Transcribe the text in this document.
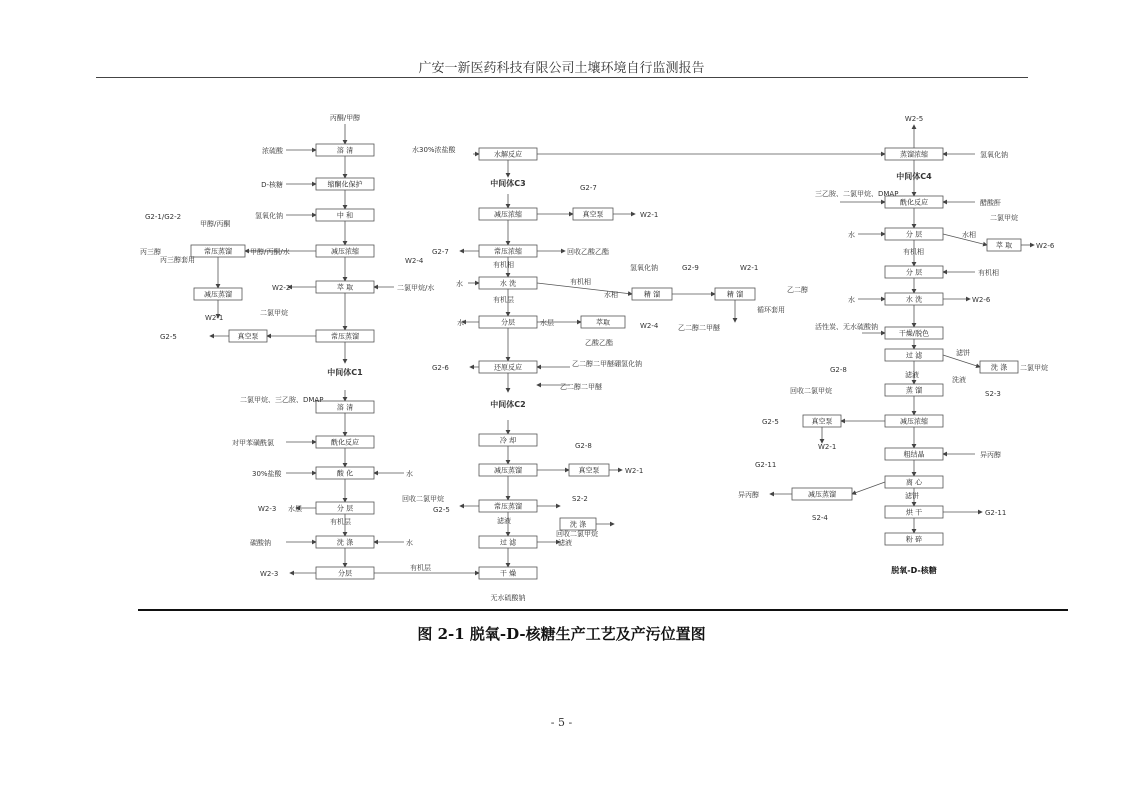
广安一新医药科技有限公司土壤环境自行监测报告
溶 清
缩酮化保护
中 和
减压浓缩
萃 取
常压蒸馏
常压蒸馏
减压蒸馏
真空泵
溶 清
酰化反应
酸 化
分 层
洗 涤
分层
水解反应
减压浓缩	真空泵
常压浓缩
水 洗
分层	萃取
精 馏	精 馏
还原反应
冷 却
减压蒸馏	真空泵
常压蒸馏
洗 涤
过 滤
干 燥
蒸馏浓缩
酰化反应
分 层
萃 取
分 层
水 洗
干燥/脱色
过 滤
洗 涤
蒸 馏
真空泵	减压浓缩
粗结晶
离 心
减压蒸馏
烘 干
粉 碎
丙酮/甲醇
浓硫酸
D-核糖
氢氧化钠
G2-1/G2-2
甲醇/丙酮
甲醇/丙酮/水
丙三醇
丙三醇套用
W2-2	二氯甲烷/水
W2-1
二氯甲烷
G2-5
中间体C1
二氯甲烷、三乙胺、DMAP
对甲苯磺酰氯
30%盐酸	水
W2-3 水层
有机层
碳酸钠	水
W2-3
有机层
水30%浓盐酸
中间体C3	G2-7
W2-1
G2-7	回收乙酸乙酯
W2-4	有机相
水	有机相
有机层
氢氧化钠	G2-9	W2-1
水相
水	水层
乙酸乙酯
W2-4	乙二醇二甲醚
乙二醇
循环套用
G2-6	乙二醇二甲醚硼氢化钠
乙二醇二甲醚
中间体C2
G2-8
W2-1
回收二氯甲烷
G2-5
S2-2
滤液
回收二氯甲烷
滤液
无水硫酸钠
W2-5
氢氧化钠
中间体C4
三乙胺、二氯甲烷、DMAP
醋酸酐
二氯甲烷
水	水相
有机相
W2-6
有机相
水	W2-6
活性炭、无水硫酸钠
滤饼
二氯甲烷
滤液
洗液
G2-8
回收二氯甲烷	S2-3
G2-5
W2-1
异丙醇
G2-11
异丙醇	滤饼
S2-4
G2-11
脱氧-D-核糖
图 2-1 脱氧-D-核糖生产工艺及产污位置图
- 5 -
